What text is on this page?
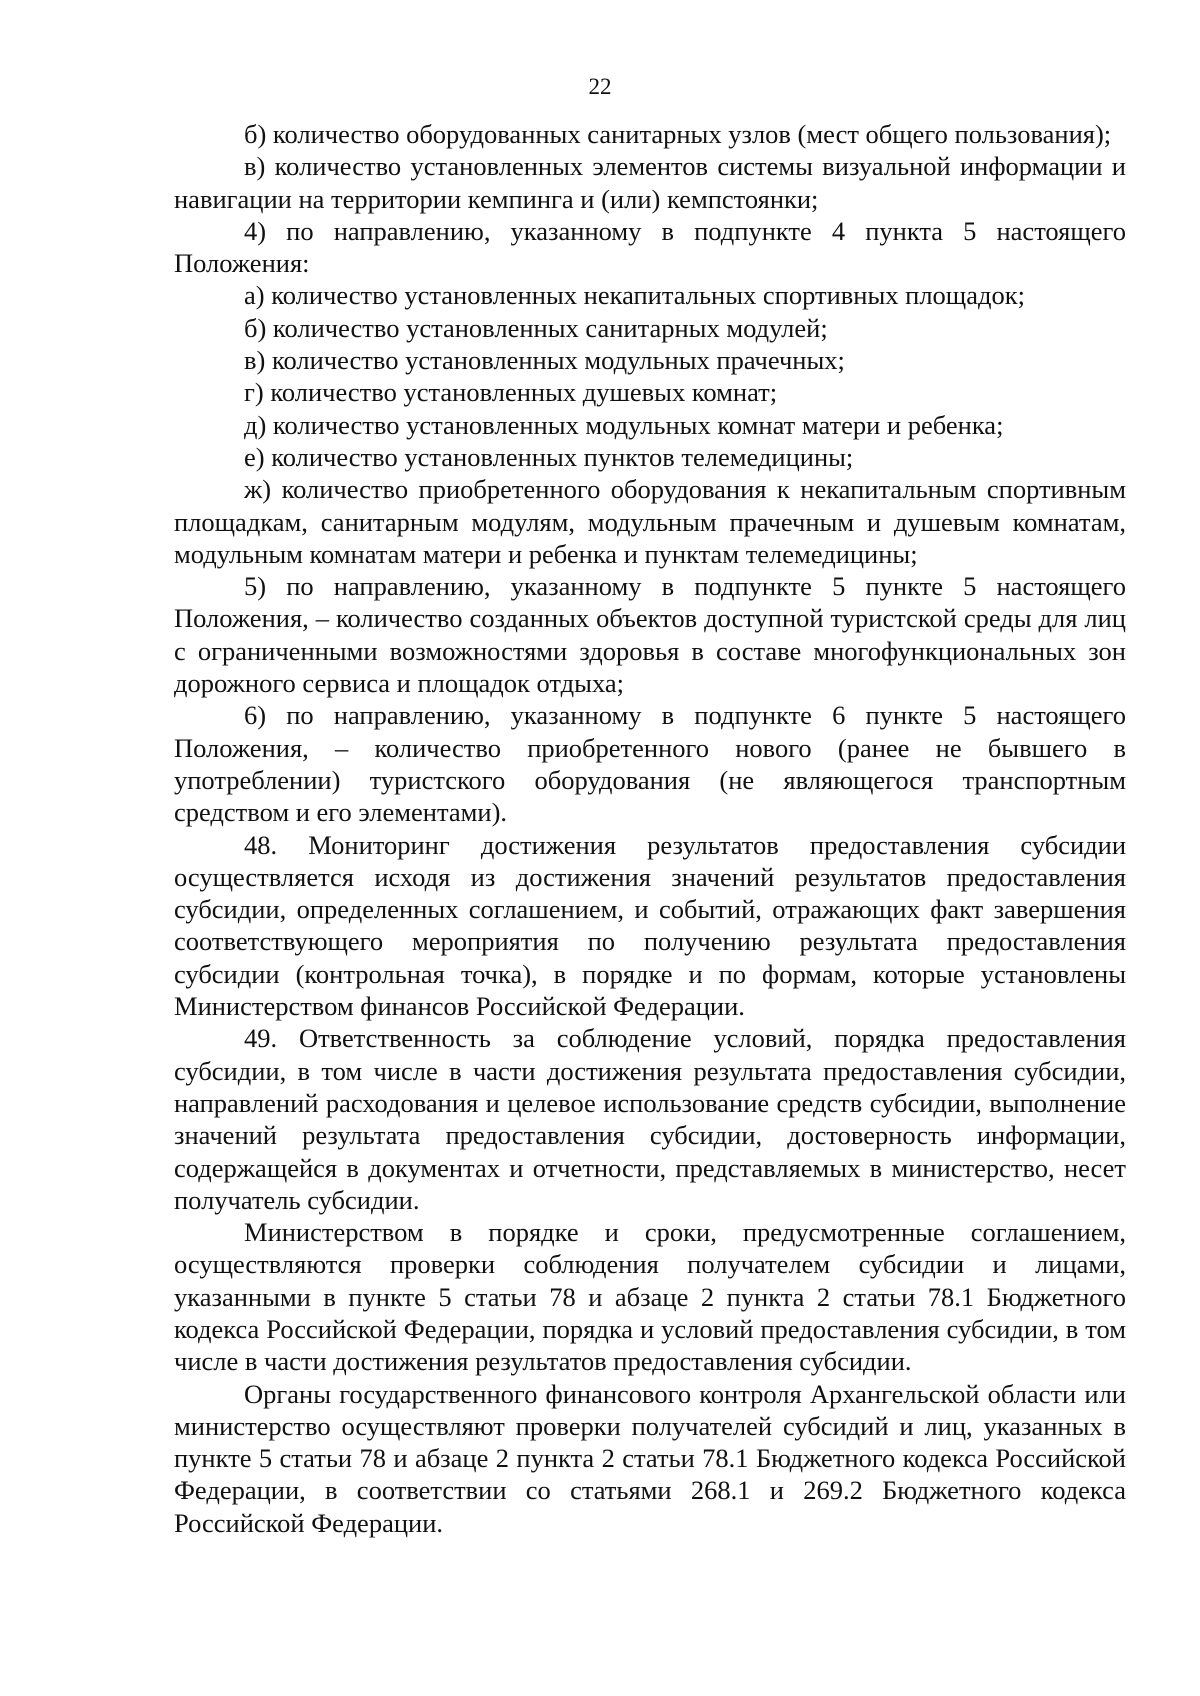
22

б) количество оборудованных санитарных узлов (мест общего пользования);

в) количество установленных элементов системы визуальной информации и навигации на территории кемпинга и (или) кемпстоянки;

4) по направлению, указанному в подпункте 4 пункта 5 настоящего Положения:

а) количество установленных некапитальных спортивных площадок;

б) количество установленных санитарных модулей;

в) количество установленных модульных прачечных;

г) количество установленных душевых комнат;

д) количество установленных модульных комнат матери и ребенка;

е) количество установленных пунктов телемедицины;

ж) количество приобретенного оборудования к некапитальным спортивным площадкам, санитарным модулям, модульным прачечным и душевым комнатам, модульным комнатам матери и ребенка и пунктам телемедицины;

5) по направлению, указанному в подпункте 5 пункте 5 настоящего Положения, – количество созданных объектов доступной туристской среды для лиц с ограниченными возможностями здоровья в составе многофункциональных зон дорожного сервиса и площадок отдыха;

6) по направлению, указанному в подпункте 6 пункте 5 настоящего Положения, – количество приобретенного нового (ранее не бывшего в употреблении) туристского оборудования (не являющегося транспортным средством и его элементами).

48. Мониторинг достижения результатов предоставления субсидии осуществляется исходя из достижения значений результатов предоставления субсидии, определенных соглашением, и событий, отражающих факт завершения соответствующего мероприятия по получению результата предоставления субсидии (контрольная точка), в порядке и по формам, которые установлены Министерством финансов Российской Федерации.

49. Ответственность за соблюдение условий, порядка предоставления субсидии, в том числе в части достижения результата предоставления субсидии, направлений расходования и целевое использование средств субсидии, выполнение значений результата предоставления субсидии, достоверность информации, содержащейся в документах и отчетности, представляемых в министерство, несет получатель субсидии.

Министерством в порядке и сроки, предусмотренные соглашением, осуществляются проверки соблюдения получателем субсидии и лицами, указанными в пункте 5 статьи 78 и абзаце 2 пункта 2 статьи 78.1 Бюджетного кодекса Российской Федерации, порядка и условий предоставления субсидии, в том числе в части достижения результатов предоставления субсидии.

Органы государственного финансового контроля Архангельской области или министерство осуществляют проверки получателей субсидий и лиц, указанных в пункте 5 статьи 78 и абзаце 2 пункта 2 статьи 78.1 Бюджетного кодекса Российской Федерации, в соответствии со статьями 268.1 и 269.2 Бюджетного кодекса Российской Федерации.
